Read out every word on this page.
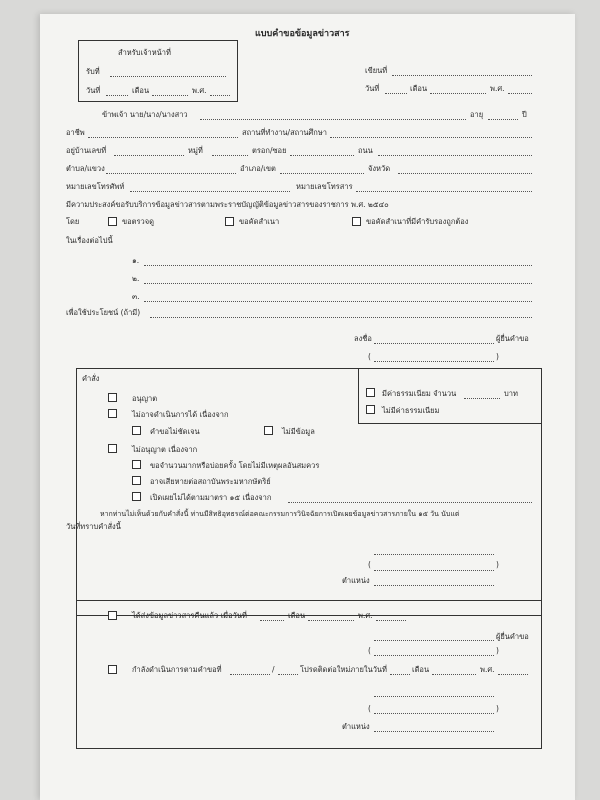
แบบคำขอข้อมูลข่าวสาร
สำหรับเจ้าหน้าที่
รับที่
วันที่	เดือน	พ.ศ.
เขียนที่
วันที่	เดือน	พ.ศ.
ข้าพเจ้า นาย/นาง/นางสาว	อายุ	ปี
อาชีพ	สถานที่ทำงาน/สถานศึกษา
อยู่บ้านเลขที่	หมู่ที่	ตรอก/ซอย	ถนน
ตำบล/แขวง	อำเภอ/เขต	จังหวัด
หมายเลขโทรศัพท์	หมายเลขโทรสาร
มีความประสงค์ขอรับบริการข้อมูลข่าวสารตามพระราชบัญญัติข้อมูลข่าวสารของราชการ พ.ศ. ๒๕๔๐
โดย	ขอตรวจดู	ขอคัดสำเนา	ขอคัดสำเนาที่มีคำรับรองถูกต้อง
ในเรื่องต่อไปนี้
๑.
๒.
๓.
เพื่อใช้ประโยชน์ (ถ้ามี)
ลงชื่อ	ผู้ยื่นคำขอ
(	)
คำสั่ง
อนุญาต
ไม่อาจดำเนินการได้ เนื่องจาก
คำขอไม่ชัดเจน	ไม่มีข้อมูล
ไม่อนุญาต เนื่องจาก
ขอจำนวนมากหรือบ่อยครั้ง โดยไม่มีเหตุผลอันสมควร
อาจเสียหายต่อสถาบันพระมหากษัตริย์
เปิดเผยไม่ได้ตามมาตรา ๑๕ เนื่องจาก
มีค่าธรรมเนียม จำนวน	บาท
ไม่มีค่าธรรมเนียม
หากท่านไม่เห็นด้วยกับคำสั่งนี้ ท่านมีสิทธิอุทธรณ์ต่อคณะกรรมการวินิจฉัยการเปิดเผยข้อมูลข่าวสารภายใน ๑๕ วัน นับแต่
วันที่ทราบคำสั่งนี้
(	)
ตำแหน่ง
ได้ส่งข้อมูลข่าวสารคืนแล้ว เมื่อวันที่	เดือน	พ.ศ.
ผู้ยื่นคำขอ
(	)
กำลังดำเนินการตามคำขอที่	/	โปรดติดต่อใหม่ภายในวันที่	เดือน	พ.ศ.
(	)
ตำแหน่ง
